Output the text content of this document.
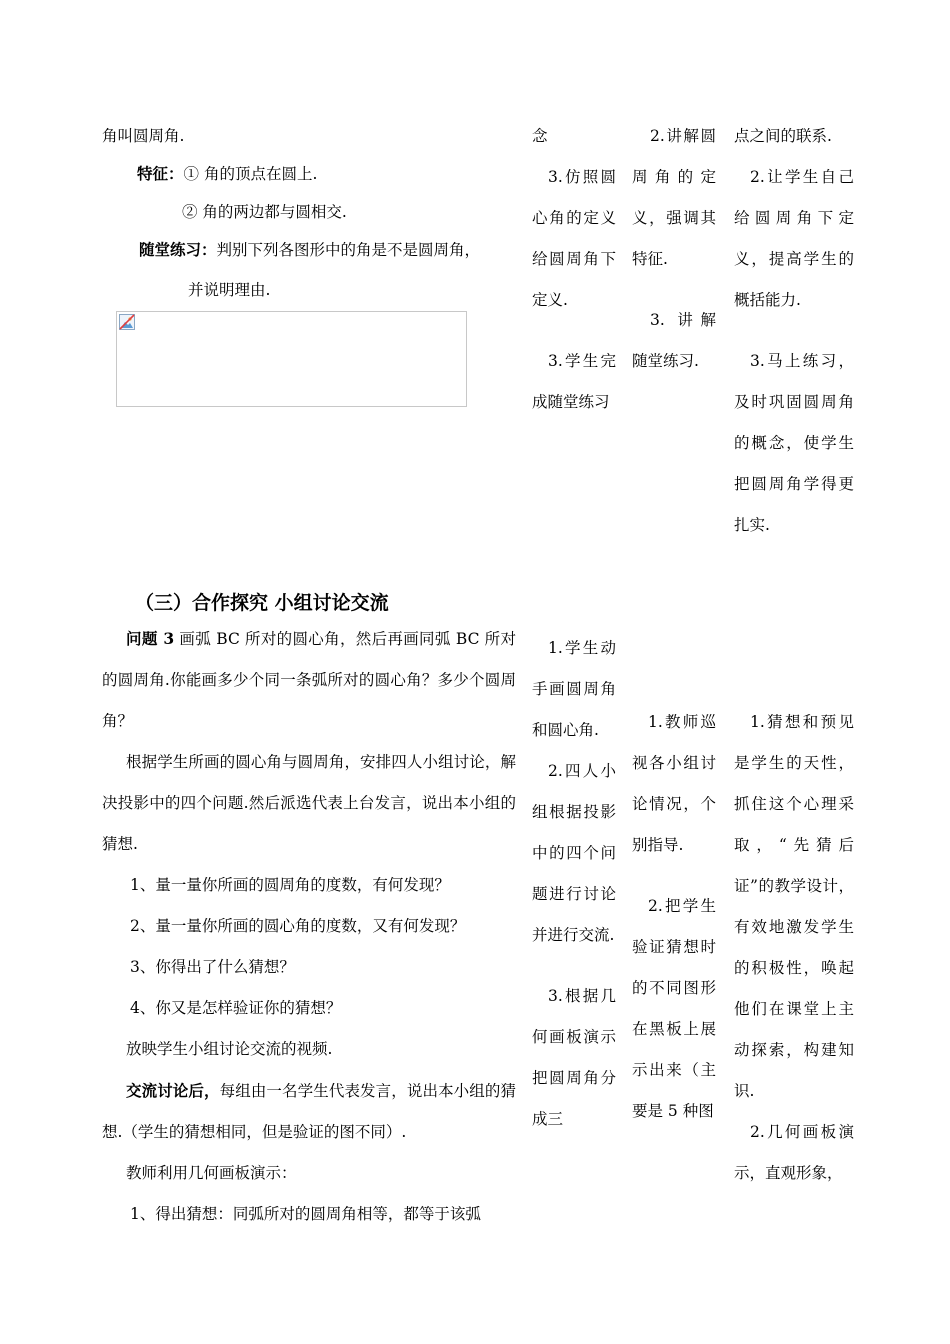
角叫圆周角.
特征：① 角的顶点在圆上.
② 角的两边都与圆相交.
随堂练习：判别下列各图形中的角是不是圆周角，
并说明理由.

念

3.仿照圆心角的定义给圆周角下定义.

3.学生完成随堂练习

2.讲解圆周角的定义，强调其特征.

3. 讲解随堂练习.

点之间的联系.

2.让学生自己给圆周角下定义，提高学生的概括能力.

3.马上练习，及时巩固圆周角的概念，使学生把圆周角学得更扎实.

（三）合作探究 小组讨论交流

问题 3 画弧 BC 所对的圆心角，然后再画同弧 BC 所对的圆周角.你能画多少个同一条弧所对的圆心角？多少个圆周角？

根据学生所画的圆心角与圆周角，安排四人小组讨论，解决投影中的四个问题.然后派选代表上台发言，说出本小组的猜想.

1、量一量你所画的圆周角的度数，有何发现？

2、量一量你所画的圆心角的度数，又有何发现？

3、你得出了什么猜想？

4、你又是怎样验证你的猜想？

放映学生小组讨论交流的视频.

交流讨论后，每组由一名学生代表发言，说出本小组的猜想.（学生的猜想相同，但是验证的图不同）.

教师利用几何画板演示：

1、得出猜想：同弧所对的圆周角相等，都等于该弧

1.学生动手画圆周角和圆心角.

2.四人小组根据投影中的四个问题进行讨论并进行交流.

3.根据几何画板演示把圆周角分成三

1.教师巡视各小组讨论情况，个别指导.

2.把学生验证猜想时的不同图形在黑板上展示出来（主要是 5 种图

1.猜想和预见是学生的天性，抓住这个心理采取，“先猜后证”的教学设计，有效地激发学生的积极性，唤起他们在课堂上主动探索，构建知识.

2.几何画板演示，直观形象，
